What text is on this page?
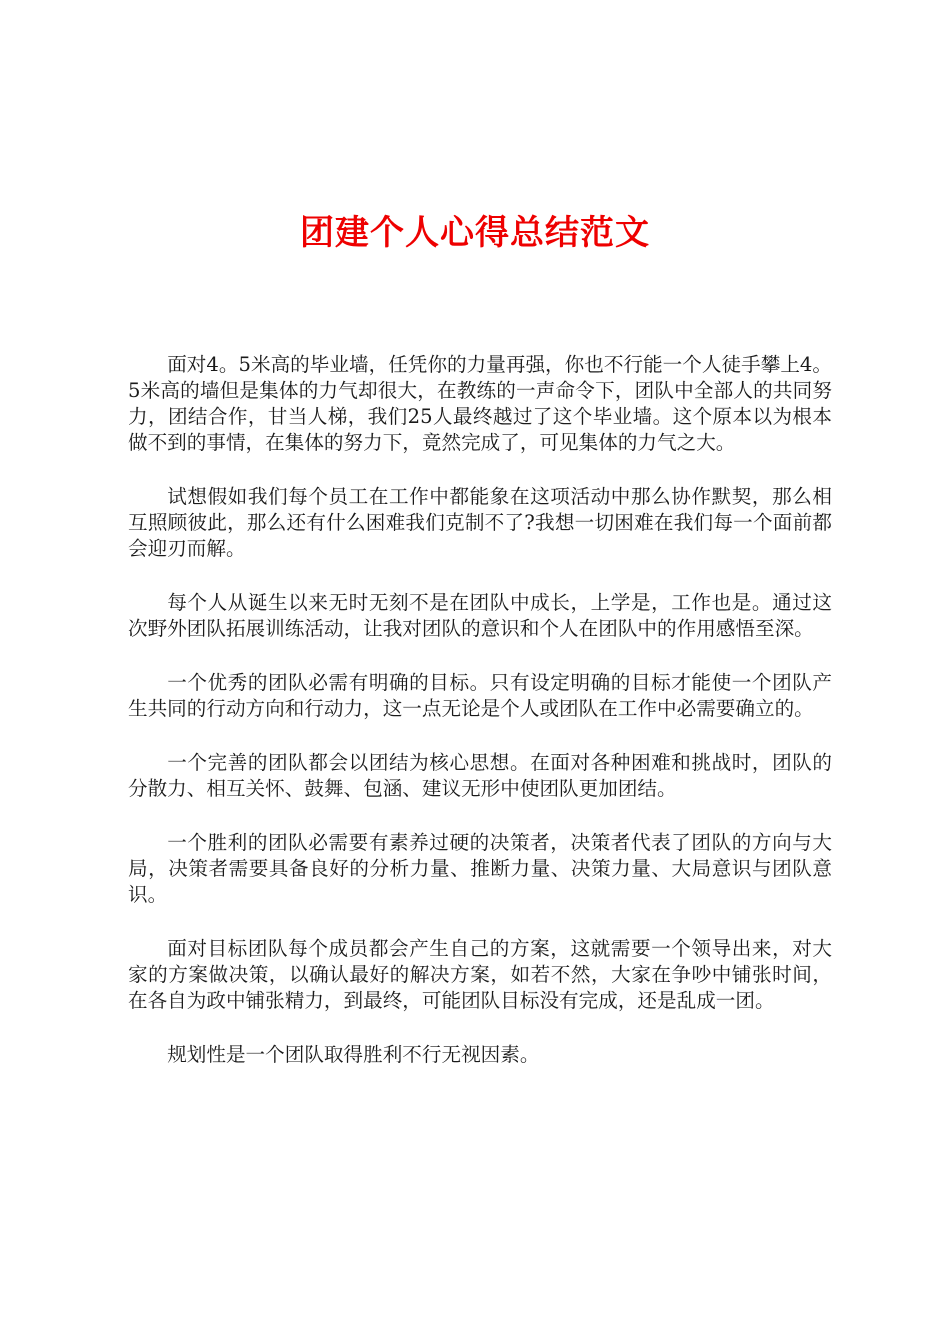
团建个人心得总结范文

面对4。5米高的毕业墙，任凭你的力量再强，你也不行能一个人徒手攀上4。5米高的墙但是集体的力气却很大，在教练的一声命令下，团队中全部人的共同努力，团结合作，甘当人梯，我们25人最终越过了这个毕业墙。这个原本以为根本做不到的事情，在集体的努力下，竟然完成了，可见集体的力气之大。

试想假如我们每个员工在工作中都能象在这项活动中那么协作默契，那么相互照顾彼此，那么还有什么困难我们克制不了?我想一切困难在我们每一个面前都会迎刃而解。

每个人从诞生以来无时无刻不是在团队中成长，上学是，工作也是。通过这次野外团队拓展训练活动，让我对团队的意识和个人在团队中的作用感悟至深。

一个优秀的团队必需有明确的目标。只有设定明确的目标才能使一个团队产生共同的行动方向和行动力，这一点无论是个人或团队在工作中必需要确立的。

一个完善的团队都会以团结为核心思想。在面对各种困难和挑战时，团队的分散力、相互关怀、鼓舞、包涵、建议无形中使团队更加团结。

一个胜利的团队必需要有素养过硬的决策者，决策者代表了团队的方向与大局，决策者需要具备良好的分析力量、推断力量、决策力量、大局意识与团队意识。

面对目标团队每个成员都会产生自己的方案，这就需要一个领导出来，对大家的方案做决策，以确认最好的解决方案，如若不然，大家在争吵中铺张时间，在各自为政中铺张精力，到最终，可能团队目标没有完成，还是乱成一团。

规划性是一个团队取得胜利不行无视因素。
